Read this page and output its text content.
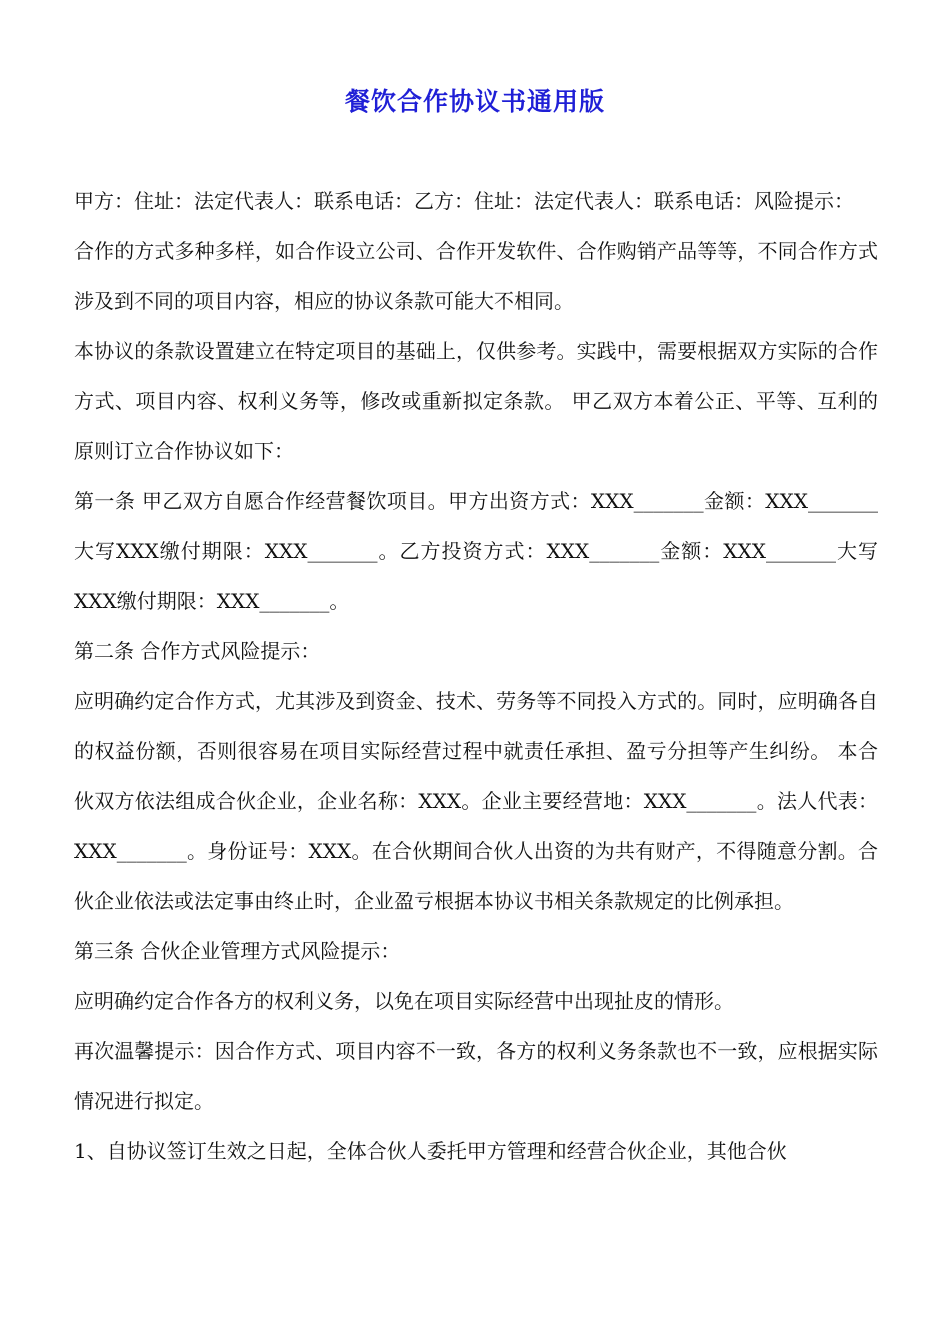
餐饮合作协议书通用版

甲方：住址：法定代表人：联系电话：乙方：住址：法定代表人：联系电话：风险提示：

合作的方式多种多样，如合作设立公司、合作开发软件、合作购销产品等等，不同合作方式涉及到不同的项目内容，相应的协议条款可能大不相同。

本协议的条款设置建立在特定项目的基础上，仅供参考。实践中，需要根据双方实际的合作方式、项目内容、权利义务等，修改或重新拟定条款。 甲乙双方本着公正、平等、互利的原则订立合作协议如下：

第一条 甲乙双方自愿合作经营餐饮项目。甲方出资方式：XXX_______金额：XXX_______大写XXX缴付期限：XXX_______。乙方投资方式：XXX_______金额：XXX_______大写XXX缴付期限：XXX_______。

第二条 合作方式风险提示：

应明确约定合作方式，尤其涉及到资金、技术、劳务等不同投入方式的。同时，应明确各自的权益份额，否则很容易在项目实际经营过程中就责任承担、盈亏分担等产生纠纷。 本合伙双方依法组成合伙企业，企业名称：XXX。企业主要经营地：XXX_______。法人代表：XXX_______。身份证号：XXX。在合伙期间合伙人出资的为共有财产，不得随意分割。合伙企业依法或法定事由终止时，企业盈亏根据本协议书相关条款规定的比例承担。

第三条 合伙企业管理方式风险提示：

应明确约定合作各方的权利义务，以免在项目实际经营中出现扯皮的情形。

再次温馨提示：因合作方式、项目内容不一致，各方的权利义务条款也不一致，应根据实际情况进行拟定。

1、自协议签订生效之日起，全体合伙人委托甲方管理和经营合伙企业，其他合伙
